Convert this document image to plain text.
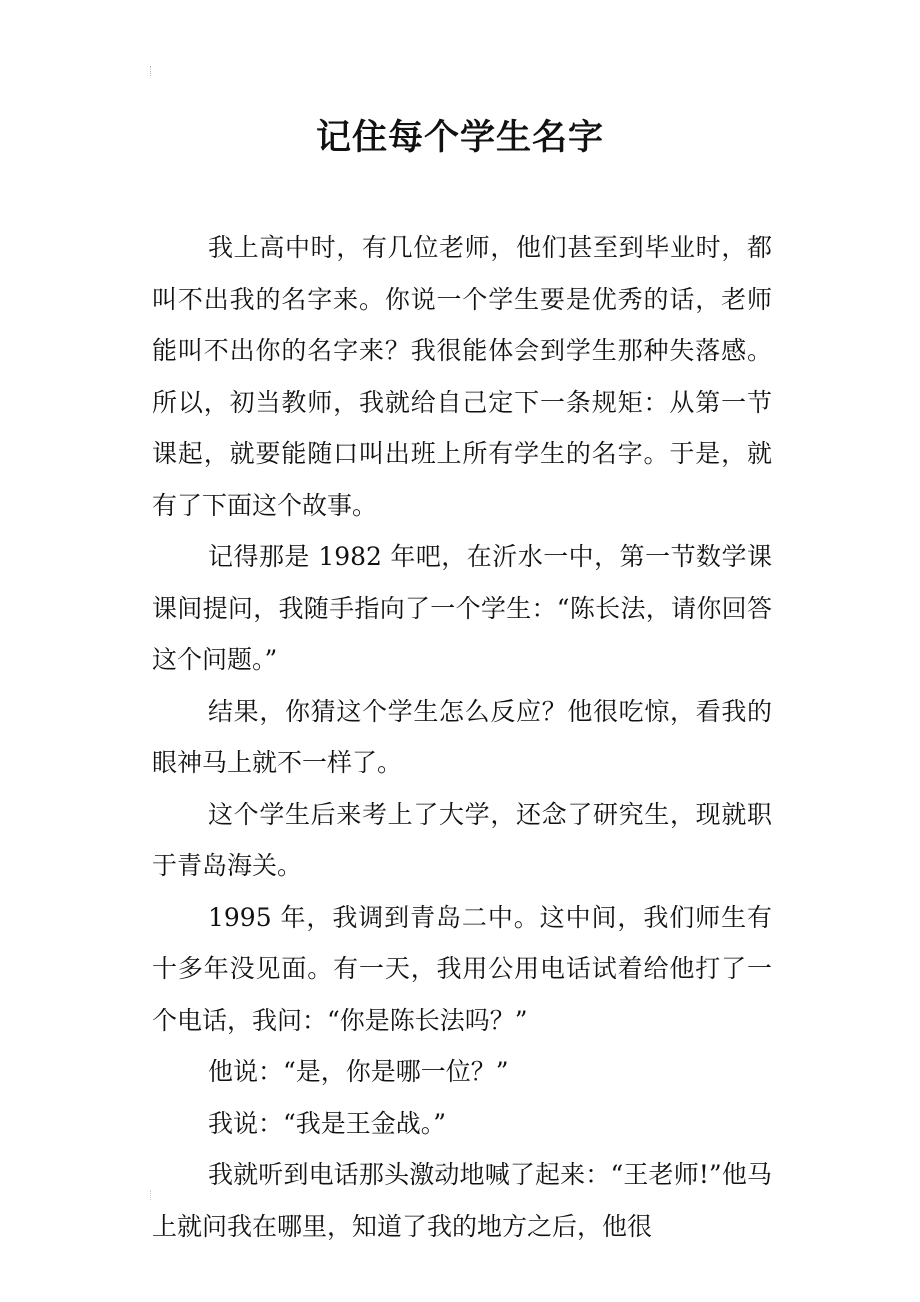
记住每个学生名字

我上高中时，有几位老师，他们甚至到毕业时，都叫不出我的名字来。你说一个学生要是优秀的话，老师能叫不出你的名字来？我很能体会到学生那种失落感。所以，初当教师，我就给自己定下一条规矩：从第一节课起，就要能随口叫出班上所有学生的名字。于是，就有了下面这个故事。

记得那是 1982 年吧，在沂水一中，第一节数学课课间提问，我随手指向了一个学生：“陈长法，请你回答这个问题。”

结果，你猜这个学生怎么反应？他很吃惊，看我的眼神马上就不一样了。

这个学生后来考上了大学，还念了研究生，现就职于青岛海关。

1995 年，我调到青岛二中。这中间，我们师生有十多年没见面。有一天，我用公用电话试着给他打了一个电话，我问：“你是陈长法吗？”

他说：“是，你是哪一位？”

我说：“我是王金战。”

我就听到电话那头激动地喊了起来：“王老师!”他马上就问我在哪里，知道了我的地方之后，他很
